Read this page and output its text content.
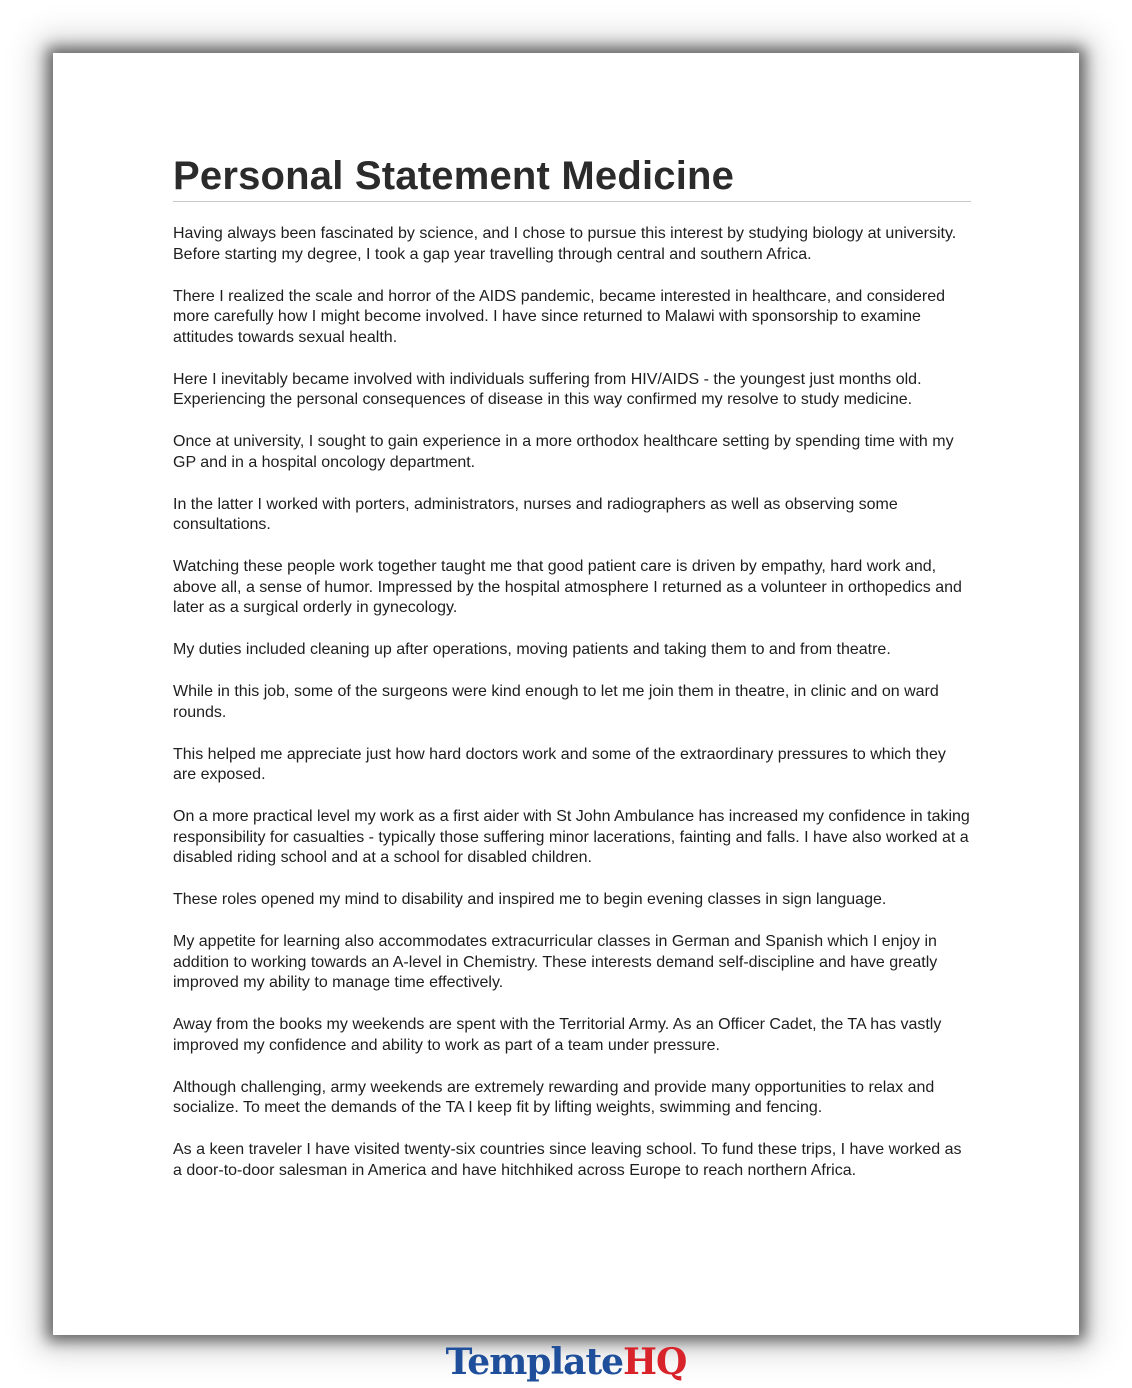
Personal Statement Medicine

Having always been fascinated by science, and I chose to pursue this interest by studying biology at university. Before starting my degree, I took a gap year travelling through central and southern Africa.

There I realized the scale and horror of the AIDS pandemic, became interested in healthcare, and considered more carefully how I might become involved. I have since returned to Malawi with sponsorship to examine attitudes towards sexual health.

Here I inevitably became involved with individuals suffering from HIV/AIDS - the youngest just months old. Experiencing the personal consequences of disease in this way confirmed my resolve to study medicine.

Once at university, I sought to gain experience in a more orthodox healthcare setting by spending time with my GP and in a hospital oncology department.

In the latter I worked with porters, administrators, nurses and radiographers as well as observing some consultations.

Watching these people work together taught me that good patient care is driven by empathy, hard work and, above all, a sense of humor. Impressed by the hospital atmosphere I returned as a volunteer in orthopedics and later as a surgical orderly in gynecology.

My duties included cleaning up after operations, moving patients and taking them to and from theatre.

While in this job, some of the surgeons were kind enough to let me join them in theatre, in clinic and on ward rounds.

This helped me appreciate just how hard doctors work and some of the extraordinary pressures to which they are exposed.

On a more practical level my work as a first aider with St John Ambulance has increased my confidence in taking responsibility for casualties - typically those suffering minor lacerations, fainting and falls. I have also worked at a disabled riding school and at a school for disabled children.

These roles opened my mind to disability and inspired me to begin evening classes in sign language.

My appetite for learning also accommodates extracurricular classes in German and Spanish which I enjoy in addition to working towards an A-level in Chemistry. These interests demand self-discipline and have greatly improved my ability to manage time effectively.

Away from the books my weekends are spent with the Territorial Army. As an Officer Cadet, the TA has vastly improved my confidence and ability to work as part of a team under pressure.

Although challenging, army weekends are extremely rewarding and provide many opportunities to relax and socialize. To meet the demands of the TA I keep fit by lifting weights, swimming and fencing.

As a keen traveler I have visited twenty-six countries since leaving school. To fund these trips, I have worked as a door-to-door salesman in America and have hitchhiked across Europe to reach northern Africa.

TemplateHQ
